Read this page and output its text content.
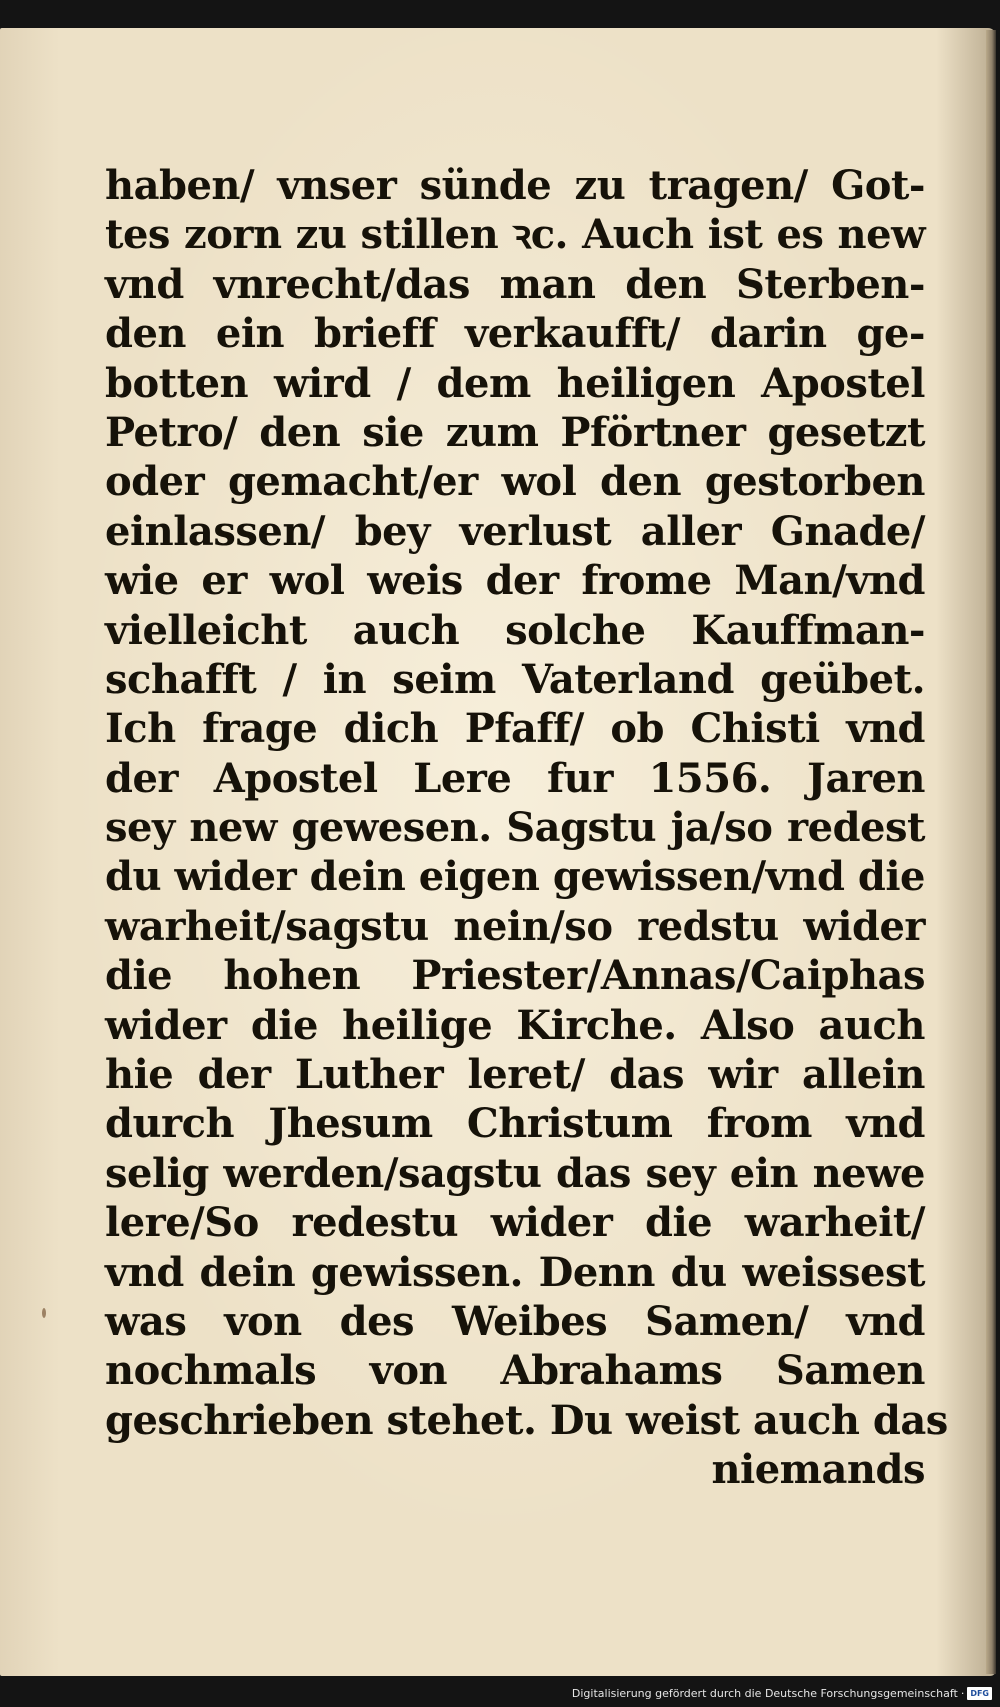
haben/ vnser sünde zu tragen/ Got-
tes zorn zu stillen ꝛc. Auch ist es new
vnd vnrecht/das man den Sterben-
den ein brieff verkaufft/ darin ge-
botten wird / dem heiligen Apostel
Petro/ den sie zum Pförtner gesetzt
oder gemacht/er wol den gestorben
einlassen/ bey verlust aller Gnade/
wie er wol weis der frome Man/vnd
vielleicht auch solche Kauffman-
schafft / in seim Vaterland geübet.
Ich frage dich Pfaff/ ob Chisti vnd
der Apostel Lere fur 1556. Jaren
sey new gewesen. Sagstu ja/so redest
du wider dein eigen gewissen/vnd die
warheit/sagstu nein/so redstu wider
die hohen Priester/Annas/Caiphas
wider die heilige Kirche. Also auch
hie der Luther leret/ das wir allein
durch Jhesum Christum from vnd
selig werden/sagstu das sey ein newe
lere/So redestu wider die warheit/
vnd dein gewissen. Denn du weissest
was von des Weibes Samen/ vnd
nochmals von Abrahams Samen
geschrieben stehet. Du weist auch das
niemands
Digitalisierung gefördert durch die Deutsche Forschungsgemeinschaft · DFG
